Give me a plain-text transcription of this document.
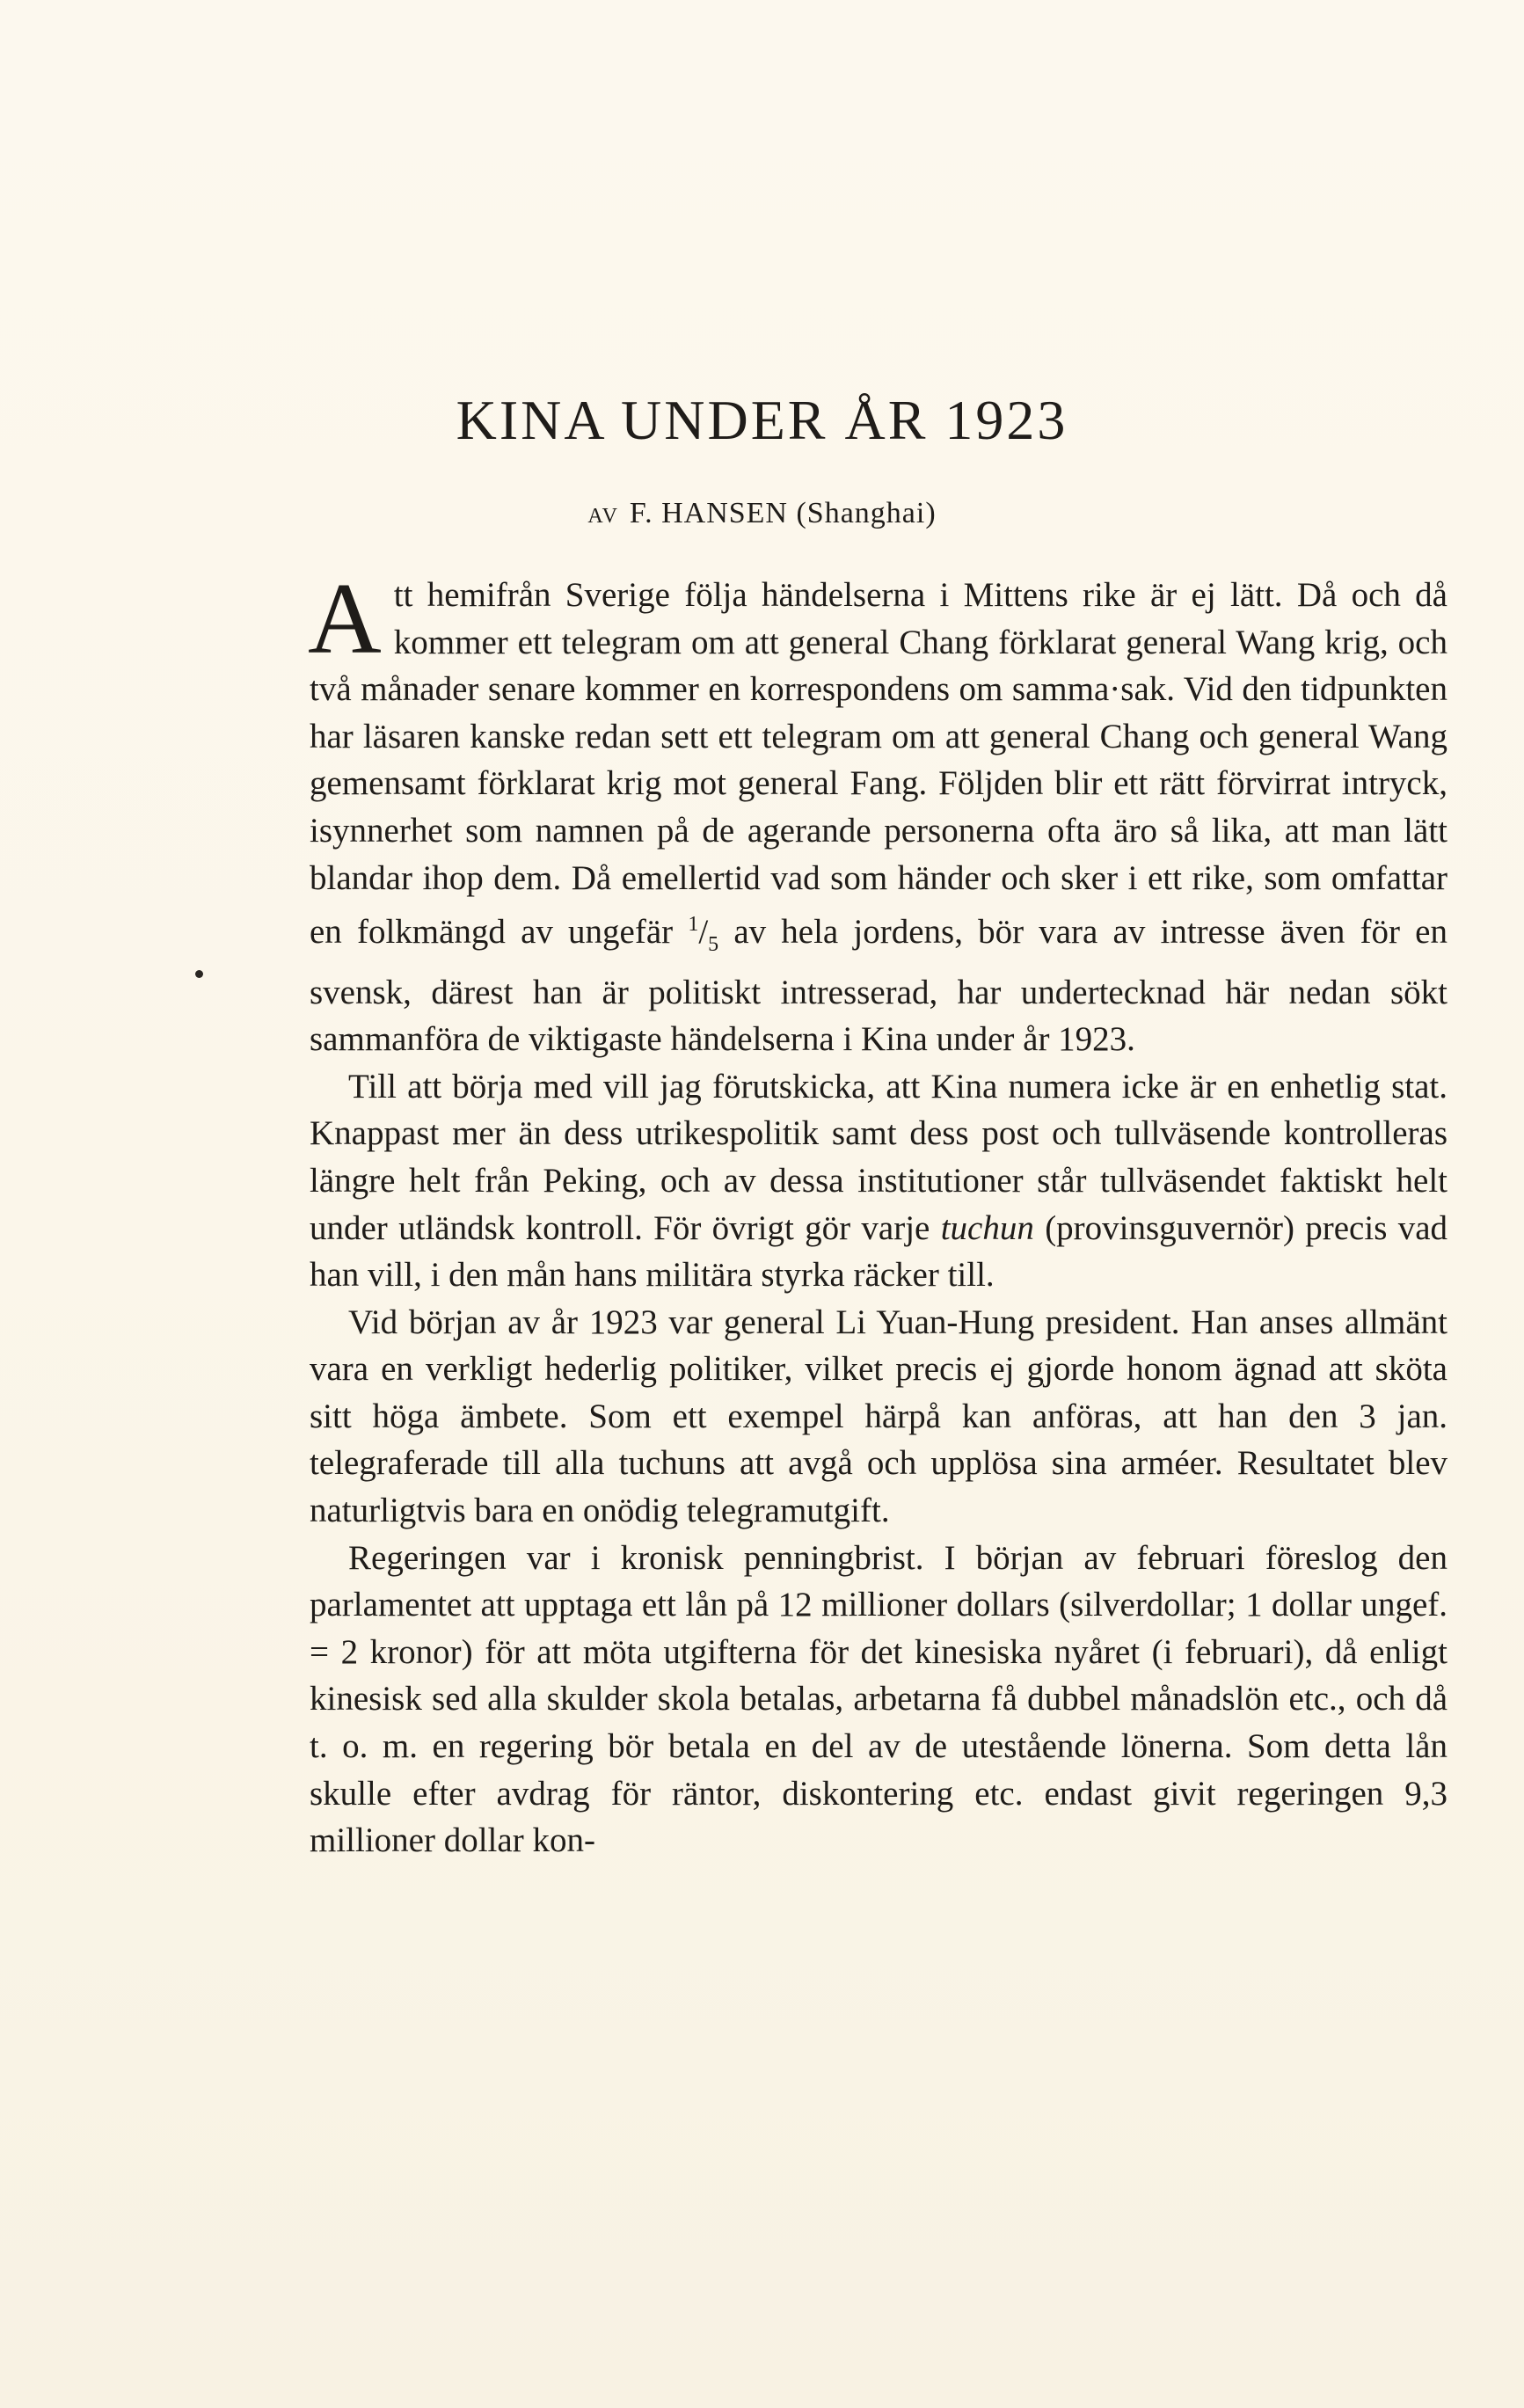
KINA UNDER ÅR 1923
AV F. HANSEN (Shanghai)

Att hemifrån Sverige följa händelserna i Mittens rike är ej lätt. Då och då kommer ett telegram om att general Chang förklarat general Wang krig, och två månader senare kommer en korrespondens om samma·sak. Vid den tidpunkten har läsaren kanske redan sett ett telegram om att general Chang och general Wang gemensamt förklarat krig mot general Fang. Följden blir ett rätt förvirrat intryck, isynnerhet som namnen på de agerande personerna ofta äro så lika, att man lätt blandar ihop dem. Då emellertid vad som händer och sker i ett rike, som omfattar en folkmängd av ungefär $^1/_5$ av hela jordens, bör vara av intresse även för en svensk, därest han är politiskt intresserad, har undertecknad här nedan sökt sammanföra de viktigaste händelserna i Kina under år 1923.

Till att börja med vill jag förutskicka, att Kina numera icke är en enhetlig stat. Knappast mer än dess utrikespolitik samt dess post och tullväsende kontrolleras längre helt från Peking, och av dessa institutioner står tullväsendet faktiskt helt under utländsk kontroll. För övrigt gör varje tuchun (provinsguvernör) precis vad han vill, i den mån hans militära styrka räcker till.

Vid början av år 1923 var general Li Yuan-Hung president. Han anses allmänt vara en verkligt hederlig politiker, vilket precis ej gjorde honom ägnad att sköta sitt höga ämbete. Som ett exempel härpå kan anföras, att han den 3 jan. telegraferade till alla tuchuns att avgå och upplösa sina arméer. Resultatet blev naturligtvis bara en onödig telegramutgift.

Regeringen var i kronisk penningbrist. I början av februari föreslog den parlamentet att upptaga ett lån på 12 millioner dollars (silverdollar; 1 dollar ungef. = 2 kronor) för att möta utgifterna för det kinesiska nyåret (i februari), då enligt kinesisk sed alla skulder skola betalas, arbetarna få dubbel månadslön etc., och då t. o. m. en regering bör betala en del av de utestående lönerna. Som detta lån skulle efter avdrag för räntor, diskontering etc. endast givit regeringen 9,3 millioner dollar kon-
